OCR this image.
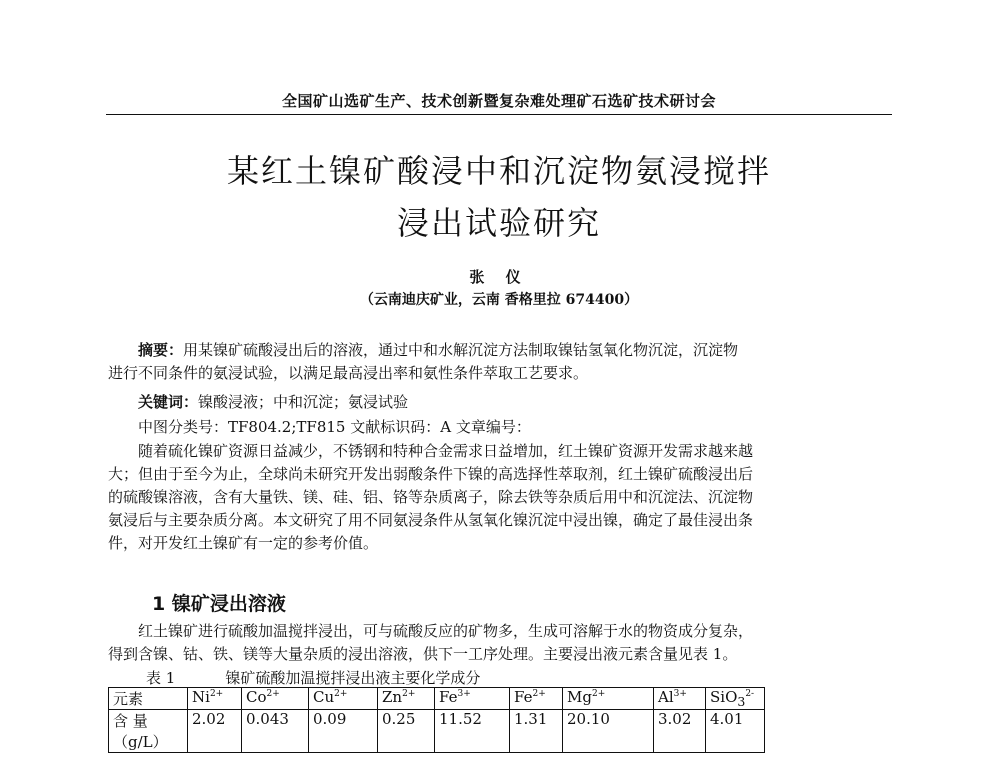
全国矿山选矿生产、技术创新暨复杂难处理矿石选矿技术研讨会
某红土镍矿酸浸中和沉淀物氨浸搅拌
浸出试验研究
张 仪
（云南迪庆矿业，云南 香格里拉 674400）
摘要：用某镍矿硫酸浸出后的溶液，通过中和水解沉淀方法制取镍钴氢氧化物沉淀，沉淀物
进行不同条件的氨浸试验，以满足最高浸出率和氨性条件萃取工艺要求。
关键词：镍酸浸液；中和沉淀；氨浸试验
中图分类号：TF804.2;TF815 文献标识码：A 文章编号：
随着硫化镍矿资源日益减少，不锈钢和特种合金需求日益增加，红土镍矿资源开发需求越来越
大；但由于至今为止，全球尚未研究开发出弱酸条件下镍的高选择性萃取剂，红土镍矿硫酸浸出后
的硫酸镍溶液，含有大量铁、镁、硅、铝、铬等杂质离子，除去铁等杂质后用中和沉淀法、沉淀物
氨浸后与主要杂质分离。本文研究了用不同氨浸条件从氢氧化镍沉淀中浸出镍，确定了最佳浸出条
件，对开发红土镍矿有一定的参考价值。
1 镍矿浸出溶液
红土镍矿进行硫酸加温搅拌浸出，可与硫酸反应的矿物多，生成可溶解于水的物资成分复杂，
得到含镍、钴、铁、镁等大量杂质的浸出溶液，供下一工序处理。主要浸出液元素含量见表 1。
表 1	镍矿硫酸加温搅拌浸出液主要化学成分
元素	$Ni^{2+}$	$Co^{2+}$	$Cu^{2+}$	$Zn^{2+}$	$Fe^{3+}$	$Fe^{2+}$	$Mg^{2+}$	$Al^{3+}$	SiO$_3^{2-}$

含 量
（g/L）	2.02	0.043	0.09	0.25	11.52	1.31	20.10	3.02	4.01
